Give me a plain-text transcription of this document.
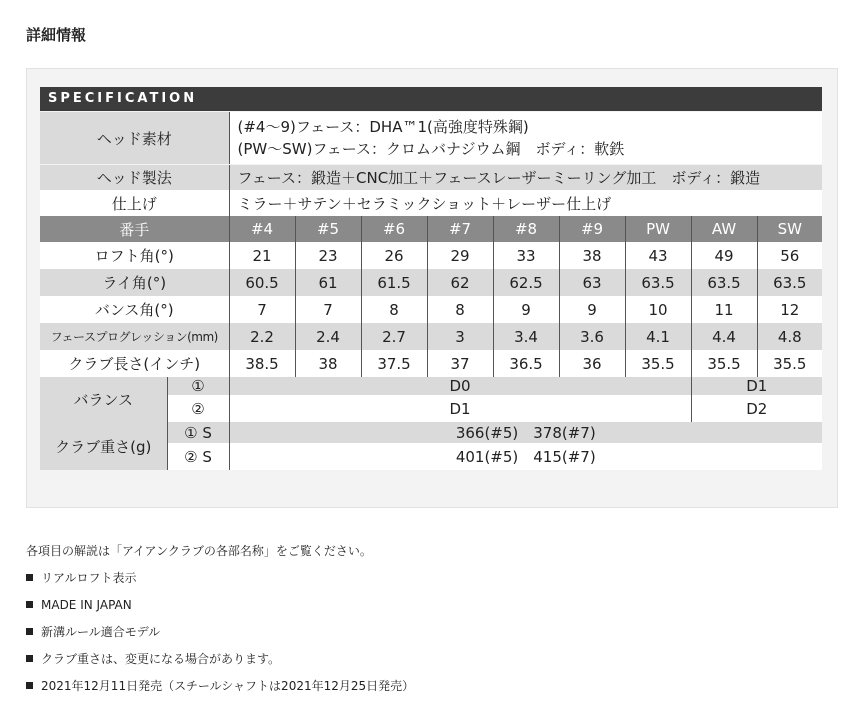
詳細情報
SPECIFICATION
ヘッド素材		(#4～9)フェース：DHA™1(高強度特殊鋼)
(PW～SW)フェース：クロムバナジウム鋼　ボディ：軟鉄								

ヘッド製法		フェース：鍛造＋CNC加工＋フェースレーザーミーリング加工　ボディ：鍛造								
仕上げ		ミラー＋サテン＋セラミックショット＋レーザー仕上げ								
番手		#4	#5	#6	#7	#8	#9	PW	AW	SW
ロフト角(°)		21	23	26	29	33	38	43	49	56
ライ角(°)		60.5	61	61.5	62	62.5	63	63.5	63.5	63.5
バンス角(°)		7	7	8	8	9	9	10	11	12
フェースプログレッション(mm)		2.2	2.4	2.7	3	3.4	3.6	4.1	4.4	4.8
クラブ長さ(インチ)		38.5	38	37.5	37	36.5	36	35.5	35.5	35.5
バランス	①	D0							D1	
	②	D1							D2	
クラブ重さ(g)	① S	366(#5)　378(#7)								
	② S	401(#5)　415(#7)								
各項目の解説は「アイアンクラブの各部名称」をご覧ください。
リアルロフト表示
MADE IN JAPAN
新溝ルール適合モデル
クラブ重さは、変更になる場合があります。
2021年12月11日発売（スチールシャフトは2021年12月25日発売）
